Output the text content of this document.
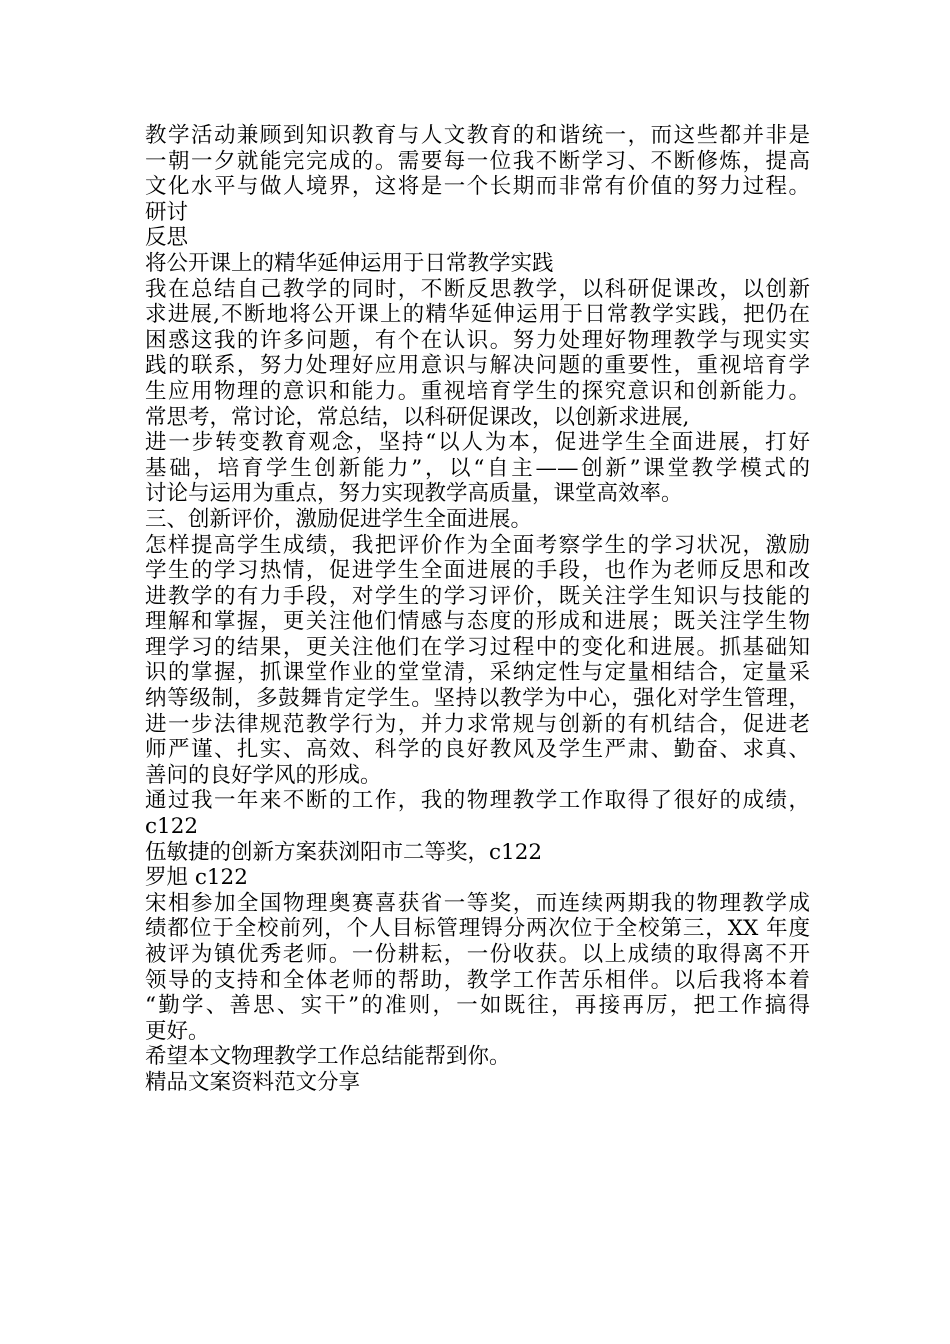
教学活动兼顾到知识教育与人文教育的和谐统一，而这些都并非是
一朝一夕就能完完成的。需要每一位我不断学习、不断修炼，提高
文化水平与做人境界，这将是一个长期而非常有价值的努力过程。
研讨
反思
将公开课上的精华延伸运用于日常教学实践
我在总结自己教学的同时，不断反思教学，以科研促课改，以创新
求进展,不断地将公开课上的精华延伸运用于日常教学实践，把仍在
困惑这我的许多问题，有个在认识。努力处理好物理教学与现实实
践的联系，努力处理好应用意识与解决问题的重要性，重视培育学
生应用物理的意识和能力。重视培育学生的探究意识和创新能力。
常思考，常讨论，常总结，以科研促课改，以创新求进展,
进一步转变教育观念，坚持“以人为本，促进学生全面进展，打好
基础，培育学生创新能力”，以“自主——创新”课堂教学模式的
讨论与运用为重点，努力实现教学高质量，课堂高效率。
三、创新评价，激励促进学生全面进展。
怎样提高学生成绩，我把评价作为全面考察学生的学习状况，激励
学生的学习热情，促进学生全面进展的手段，也作为老师反思和改
进教学的有力手段，对学生的学习评价，既关注学生知识与技能的
理解和掌握，更关注他们情感与态度的形成和进展；既关注学生物
理学习的结果，更关注他们在学习过程中的变化和进展。抓基础知
识的掌握，抓课堂作业的堂堂清，采纳定性与定量相结合，定量采
纳等级制，多鼓舞肯定学生。坚持以教学为中心，强化对学生管理，
进一步法律规范教学行为，并力求常规与创新的有机结合，促进老
师严谨、扎实、高效、科学的良好教风及学生严肃、勤奋、求真、
善问的良好学风的形成。
通过我一年来不断的工作，我的物理教学工作取得了很好的成绩，
c122
伍敏捷的创新方案获浏阳市二等奖，c122
罗旭 c122
宋相参加全国物理奥赛喜获省一等奖，而连续两期我的物理教学成
绩都位于全校前列，个人目标管理锝分两次位于全校第三，XX 年度
被评为镇优秀老师。一份耕耘，一份收获。以上成绩的取得离不开
领导的支持和全体老师的帮助，教学工作苦乐相伴。以后我将本着
“勤学、善思、实干”的准则，一如既往，再接再厉，把工作搞得
更好。
希望本文物理教学工作总结能帮到你。
精品文案资料范文分享
